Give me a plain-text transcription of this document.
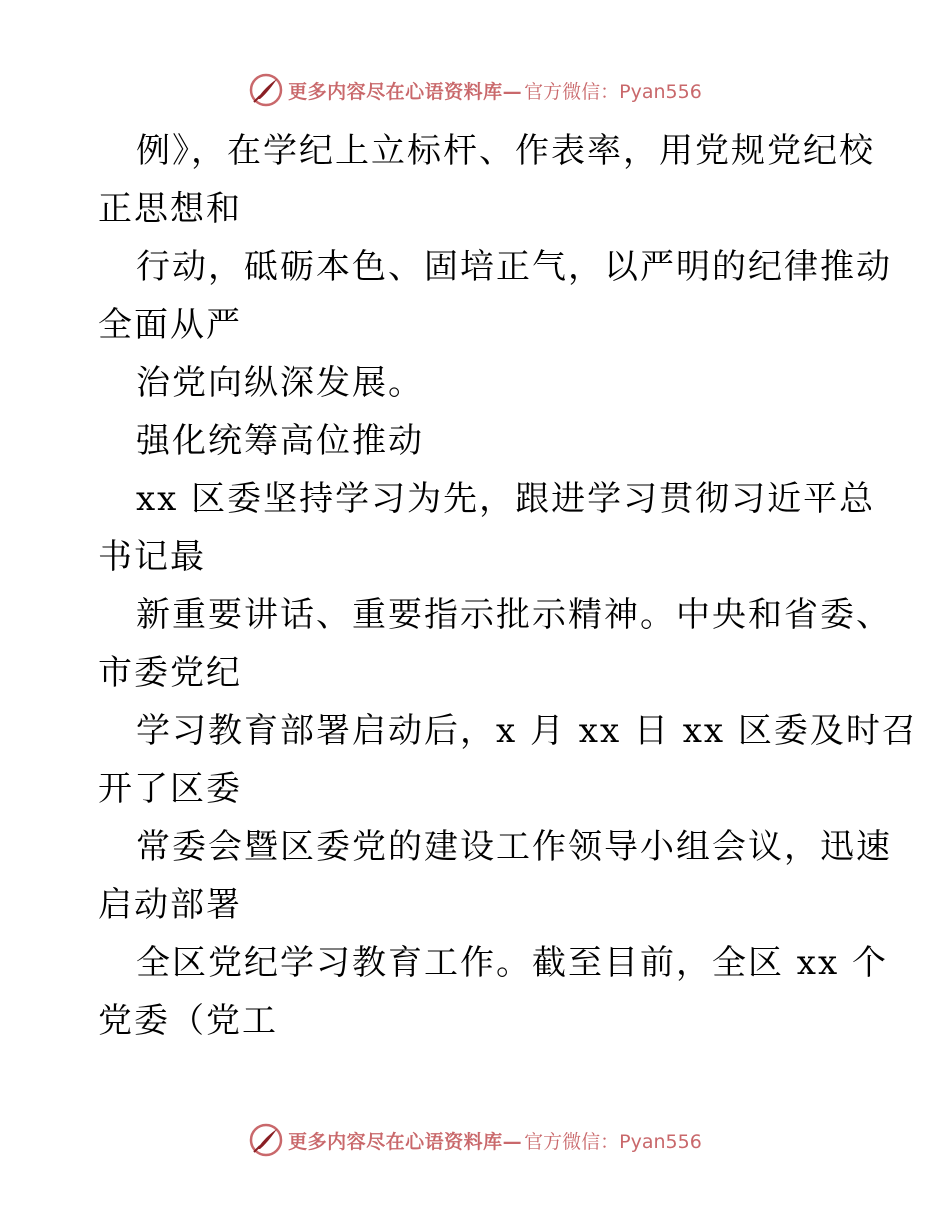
更多内容尽在心语资料库— 官方微信：Pyan556
例》，在学纪上立标杆、作表率，用党规党纪校
正思想和
行动，砥砺本色、固培正气，以严明的纪律推动
全面从严
治党向纵深发展。
强化统筹高位推动
xx 区委坚持学习为先，跟进学习贯彻习近平总
书记最
新重要讲话、重要指示批示精神。中央和省委、
市委党纪
学习教育部署启动后，x 月 xx 日 xx 区委及时召
开了区委
常委会暨区委党的建设工作领导小组会议，迅速
启动部署
全区党纪学习教育工作。截至目前，全区 xx 个
党委（党工
更多内容尽在心语资料库— 官方微信：Pyan556
